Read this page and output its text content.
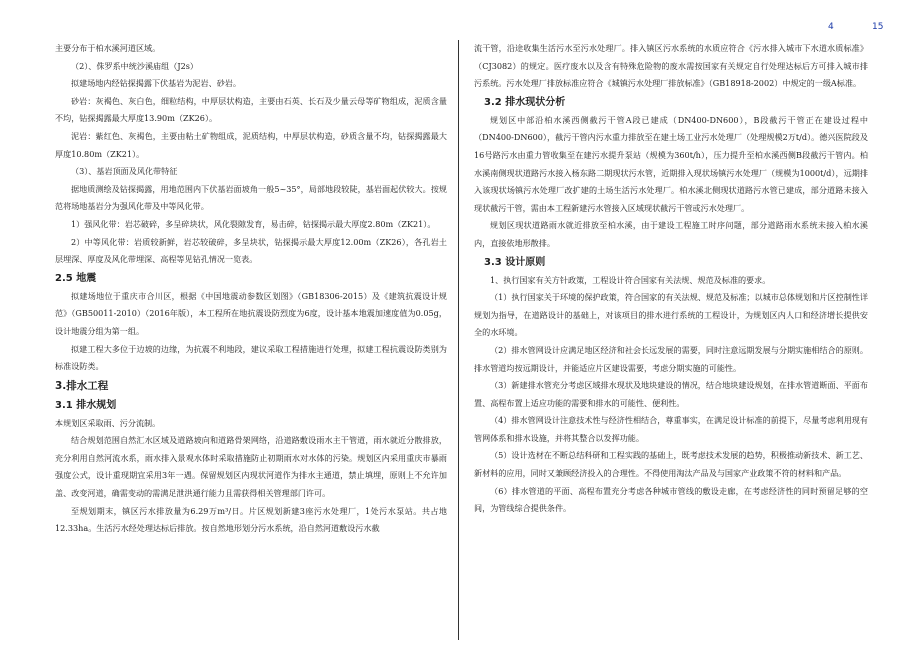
4	15

主要分布于柏水溪河道区域。

（2）、侏罗系中统沙溪庙组（J2s）

拟建场地内经钻探揭露下伏基岩为泥岩、砂岩。

砂岩：灰褐色、灰白色，细粒结构，中厚层状构造，主要由石英、长石及少量云母等矿物组成，泥质含量不均，钻探揭露最大厚度13.90m（ZK26）。

泥岩：紫红色、灰褐色，主要由粘土矿物组成，泥质结构，中厚层状构造，砂质含量不均，钻探揭露最大厚度10.80m（ZK21）。

（3）、基岩顶面及风化带特征

据地质测绘及钻探揭露，用地范围内下伏基岩面坡角一般5~35°，局部地段较陡，基岩面起伏较大。按规范将场地基岩分为强风化带及中等风化带。

1）强风化带：岩芯破碎，多呈碎块状，风化裂隙发育，易击碎，钻探揭示最大厚度2.80m（ZK21）。

2）中等风化带：岩质较新鲜，岩芯较破碎，多呈块状，钻探揭示最大厚度12.00m（ZK26），各孔岩土层埋深、厚度及风化带埋深、高程等见钻孔情况一览表。

2.5 地震

拟建场地位于重庆市合川区，根据《中国地震动参数区划图》（GB18306-2015）及《建筑抗震设计规范》（GB50011-2010）（2016年版），本工程所在地抗震设防烈度为6度，设计基本地震加速度值为0.05g，设计地震分组为第一组。

拟建工程大多位于边坡的边缘，为抗震不利地段，建议采取工程措施进行处理，拟建工程抗震设防类别为标准设防类。

3.排水工程
3.1 排水规划

本规划区采取雨、污分流制。

结合规划范围自然汇水区域及道路坡向和道路骨架网络，沿道路敷设雨水主干管道，雨水就近分散排放，充分利用自然河流水系，雨水排入景观水体时采取措施防止初期雨水对水体的污染。规划区内采用重庆市暴雨强度公式，设计重现期宜采用3年一遇。保留规划区内现状河道作为排水主通道，禁止填埋，原则上不允许加盖、改变河道，确需变动的需满足泄洪通行能力且需获得相关管理部门许可。

至规划期末，镇区污水排放量为6.29万m³/日。片区规划新建3座污水处理厂，1处污水泵站。共占地12.33ha。生活污水经处理达标后排放。按自然地形划分污水系统，沿自然河道敷设污水截

流干管，沿途收集生活污水至污水处理厂。排入镇区污水系统的水质应符合《污水排入城市下水道水质标准》（CJ3082）的规定。医疗废水以及含有特殊危险物的废水需按国家有关规定自行处理达标后方可排入城市排污系统。污水处理厂排放标准应符合《城镇污水处理厂排放标准》（GB18918-2002）中规定的一级A标准。

3.2 排水现状分析

规划区中部沿柏水溪西侧截污干管A段已建成（DN400-DN600），B段截污干管正在建设过程中（DN400-DN600），截污干管内污水重力排放至在建土场工业污水处理厂（处理规模2万t/d）。德兴医院段及16号路污水由重力管收集至在建污水提升泵站（规模为360t/h），压力提升至柏水溪西侧B段截污干管内。柏水溪南侧现状道路污水接入杨东路二期现状污水管，近期排入现状场镇污水处理厂（规模为1000t/d），远期排入该现状场镇污水处理厂改扩建的土场生活污水处理厂。柏水溪北侧现状道路污水管已建成，部分道路未接入现状截污干管，需由本工程新建污水管接入区域现状截污干管或污水处理厂。

规划区现状道路雨水就近排放至柏水溪，由于建设工程施工时序问题，部分道路雨水系统未接入柏水溪内，直接依地形散排。

3.3 设计原则

1、执行国家有关方针政策，工程设计符合国家有关法规、规范及标准的要求。

（1）执行国家关于环境的保护政策，符合国家的有关法规、规范及标准；以城市总体规划和片区控制性详规划为指导，在道路设计的基础上，对该项目的排水进行系统的工程设计，为规划区内人口和经济增长提供安全的水环境。

（2）排水管网设计应满足地区经济和社会长远发展的需要，同时注意远期发展与分期实施相结合的原则。排水管道均按远期设计，并能适应片区建设需要，考虑分期实施的可能性。

（3）新建排水管充分考虑区域排水现状及地块建设的情况，结合地块建设规划，在排水管道断面、平面布置、高程布置上适应功能的需要和排水的可能性、便利性。

（4）排水管网设计注意技术性与经济性相结合，尊重事实，在满足设计标准的前提下，尽量考虑利用现有管网体系和排水设施，并将其整合以发挥功能。

（5）设计选材在不断总结科研和工程实践的基础上，既考虑技术发展的趋势，积极推动新技术、新工艺、新材料的应用，同时又兼顾经济投入的合理性。不得使用淘汰产品及与国家产业政策不符的材料和产品。

（6）排水管道的平面、高程布置充分考虑各种城市管线的敷设走廊，在考虑经济性的同时预留足够的空间，为管线综合提供条件。
